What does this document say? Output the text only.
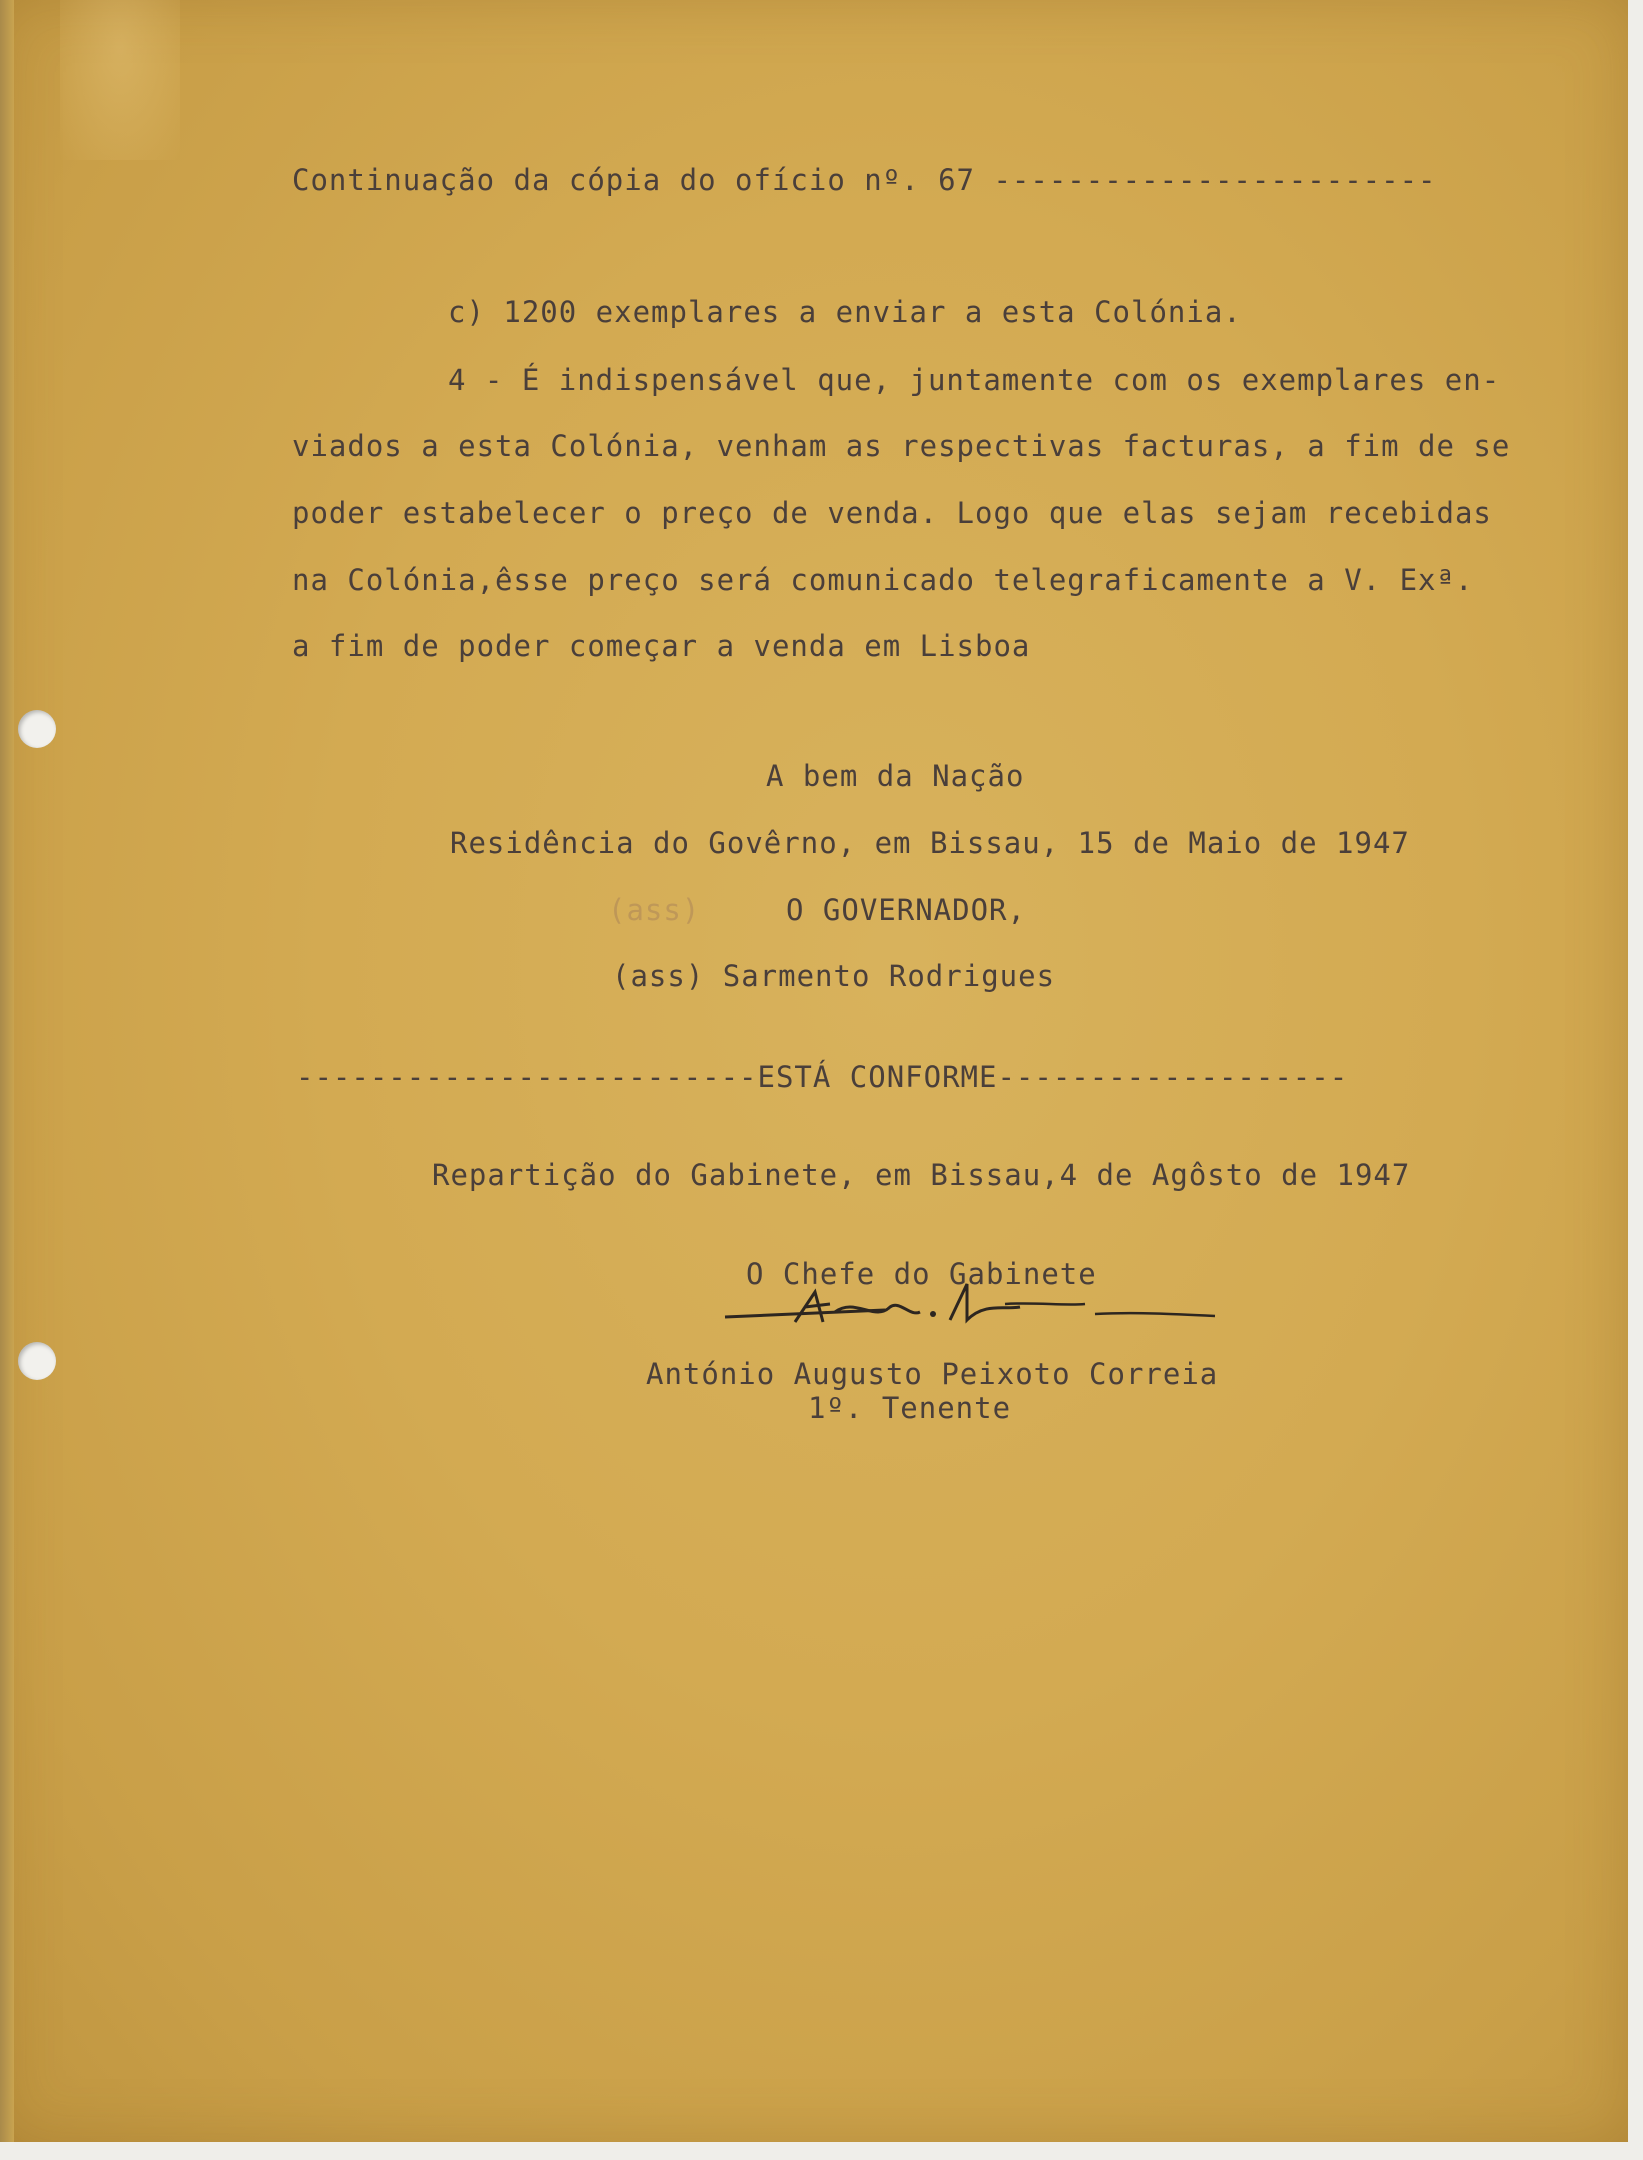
Continuação da cópia do ofício nº. 67 ------------------------
c) 1200 exemplares a enviar a esta Colónia.
4 - É indispensável que, juntamente com os exemplares en-
viados a esta Colónia, venham as respectivas facturas, a fim de se
poder estabelecer o preço de venda. Logo que elas sejam recebidas
na Colónia,êsse preço será comunicado telegraficamente a V. Exª.
a fim de poder começar a venda em Lisboa
A bem da Nação
Residência do Govêrno, em Bissau, 15 de Maio de 1947
(ass)	O GOVERNADOR,
(ass) Sarmento Rodrigues
-------------------------ESTÁ CONFORME-------------------
Repartição do Gabinete, em Bissau,4 de Agôsto de 1947
O Chefe do Gabinete
António Augusto Peixoto Correia
1º. Tenente
